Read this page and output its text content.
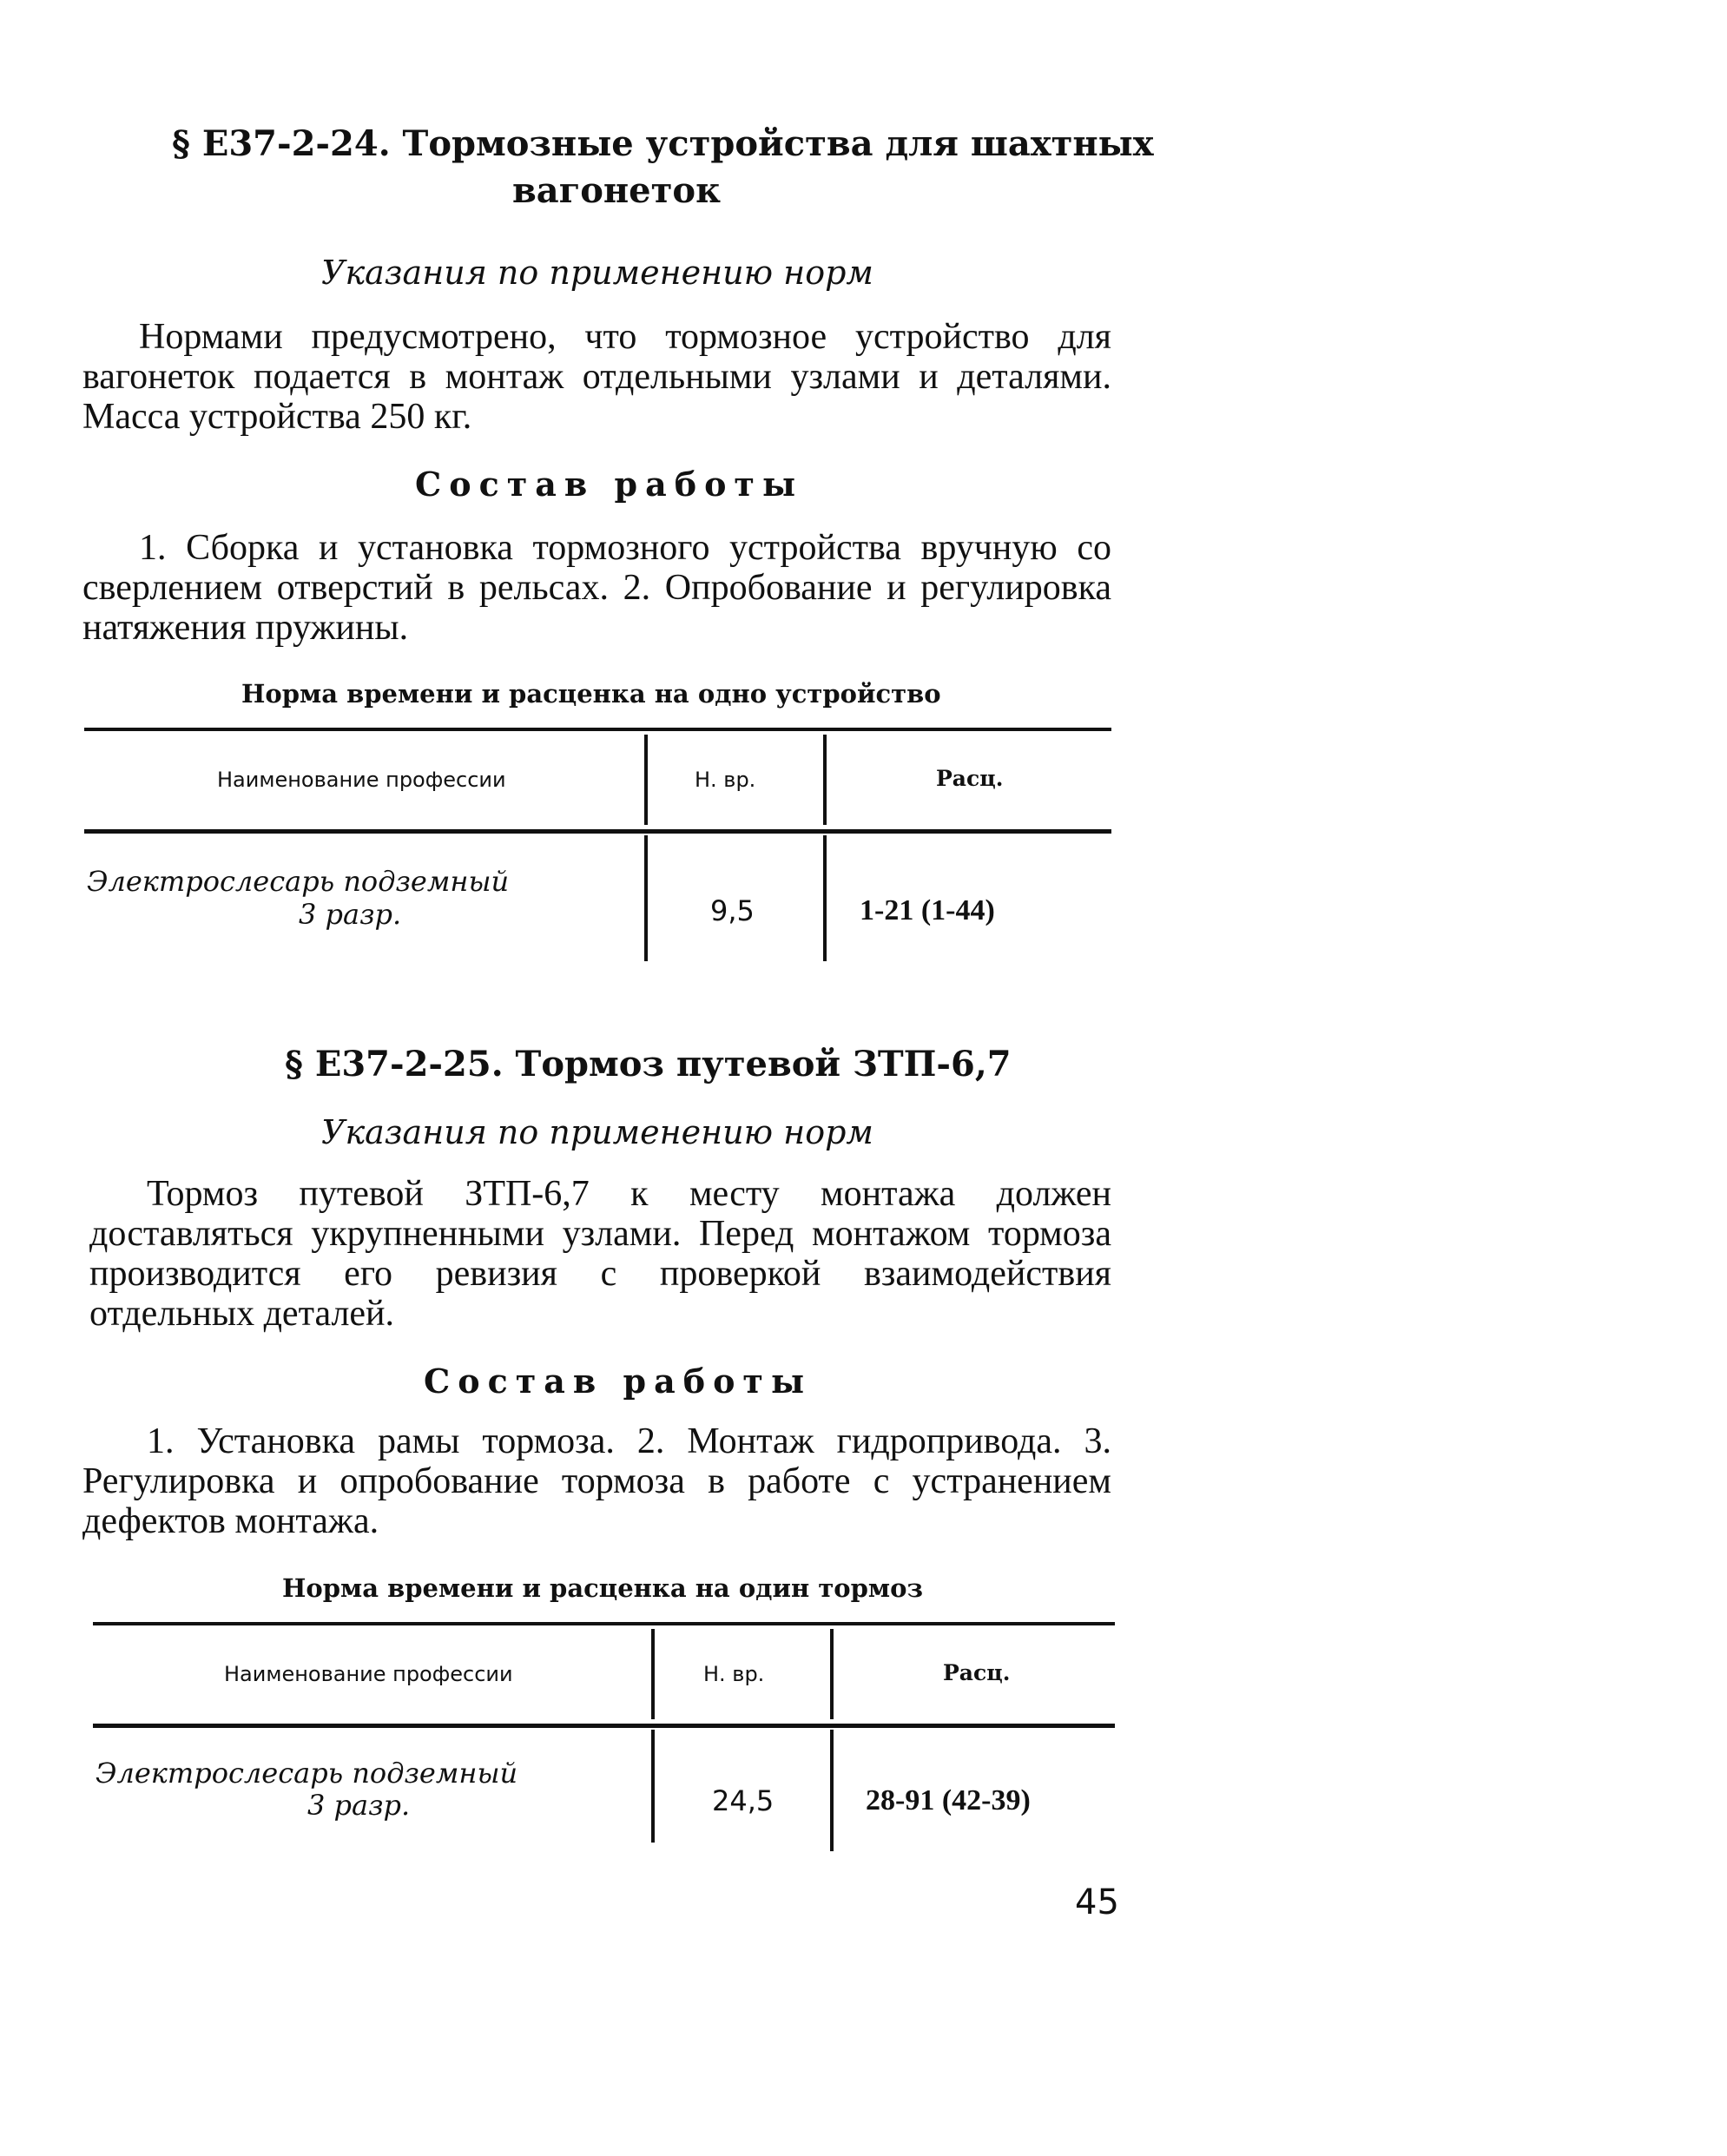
§ Е37-2-24. Тормозные устройства для шахтных
вагонеток
Указания по применению норм
Нормами предусмотрено, что тормозное устройство для вагонеток подается в монтаж отдельными узлами и деталями. Масса устройства 250 кг.
Состав работы
1. Сборка и установка тормозного устройства вручную со сверлением отверстий в рельсах. 2. Опробование и регулировка натяжения пружины.
Норма времени и расценка на одно устройство
Наименование профессии	Н. вр.	Расц.
Электрослесарь подземный
3 разр.	9,5	1-21 (1-44)
§ Е37-2-25. Тормоз путевой ЗТП-6,7
Указания по применению норм
Тормоз путевой ЗТП-6,7 к месту монтажа должен доставляться укрупненными узлами. Перед монтажом тормоза производится его ревизия с проверкой взаимодействия отдельных деталей.
Состав работы
1. Установка рамы тормоза. 2. Монтаж гидропривода. 3. Регулировка и опробование тормоза в работе с устранением дефектов монтажа.
Норма времени и расценка на один тормоз
Наименование профессии	Н. вр.	Расц.
Электрослесарь подземный
3 разр.	24,5	28-91 (42-39)
45
